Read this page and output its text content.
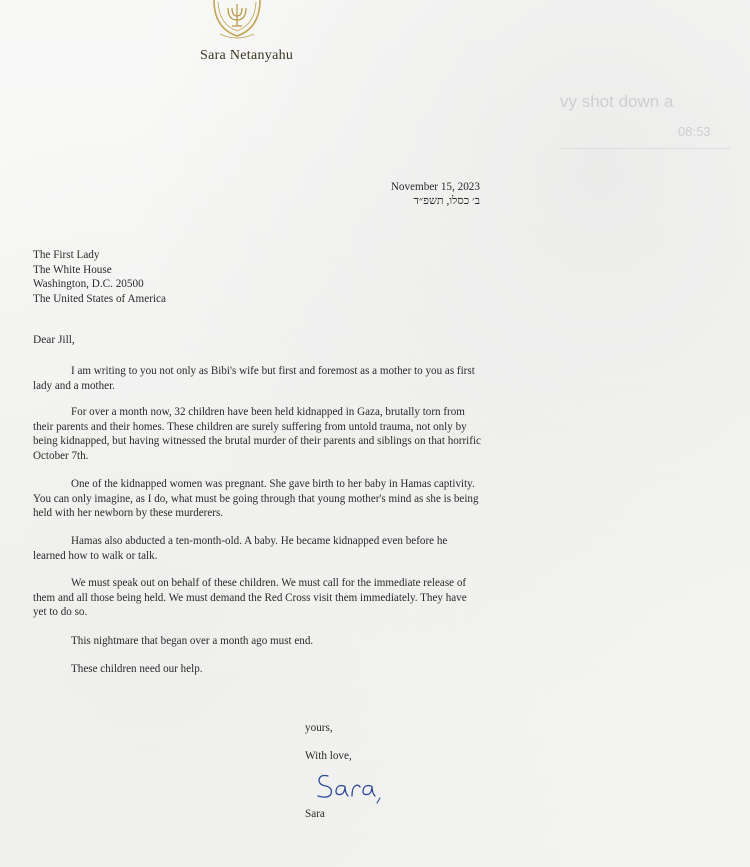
vy shot down a
08:53
Sara Netanyahu
November 15, 2023
ב׳ כסלו, תשפ״ד
The First Lady
The White House
Washington, D.C. 20500
The United States of America
Dear Jill,

I am writing to you not only as Bibi's wife but first and foremost as a mother to you as first lady and a mother.

For over a month now, 32 children have been held kidnapped in Gaza, brutally torn from their parents and their homes. These children are surely suffering from untold trauma, not only by being kidnapped, but having witnessed the brutal murder of their parents and siblings on that horrific October 7th.

One of the kidnapped women was pregnant. She gave birth to her baby in Hamas captivity. You can only imagine, as I do, what must be going through that young mother's mind as she is being held with her newborn by these murderers.

Hamas also abducted a ten-month-old. A baby. He became kidnapped even before he learned how to walk or talk.

We must speak out on behalf of these children. We must call for the immediate release of them and all those being held. We must demand the Red Cross visit them immediately. They have yet to do so.

This nightmare that began over a month ago must end.

These children need our help.

yours,
With love,
Sara
